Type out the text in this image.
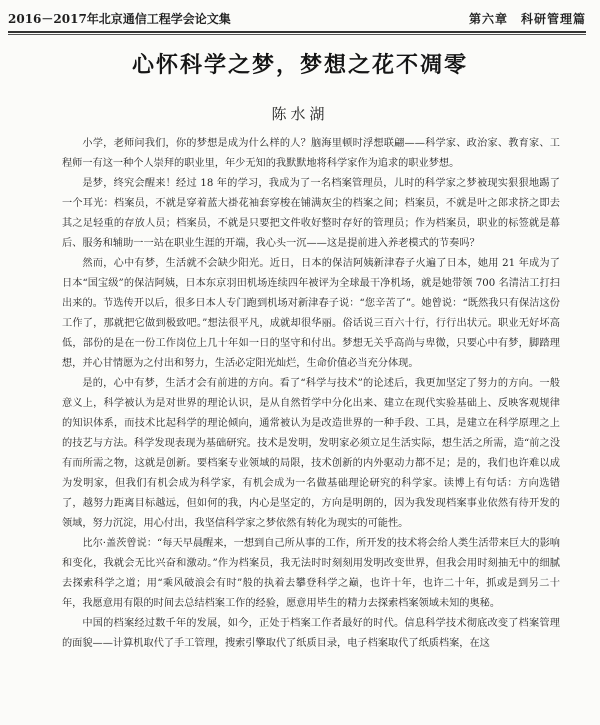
2016－2017年北京通信工程学会论文集	第六章　科研管理篇
心怀科学之梦，梦想之花不凋零
陈水湖

小学，老师问我们，你的梦想是成为什么样的人？脑海里顿时浮想联翩——科学家、政治家、教育家、工程师一有这一种个人崇拜的职业里，年少无知的我默默地将科学家作为追求的职业梦想。

是梦，终究会醒来！经过 18 年的学习，我成为了一名档案管理员，儿时的科学家之梦被现实狠狠地踢了一个耳光：档案员，不就是穿着蓝大褂花袖套穿梭在铺满灰尘的档案之间；档案员，不就是叶之郎求挤之即去其之足轻重的存放人员；档案员，不就是只要把文件收好整时存好的管理员；作为档案员，职业的标签就是幕后、服务和辅助一一站在职业生涯的开端，我心头一沉——这是提前进入养老模式的节奏吗？

然而，心中有梦，生活就不会缺少阳光。近日，日本的保洁阿姨新津春子火遍了日本，她用 21 年成为了日本“国宝级”的保洁阿姨，日本东京羽田机场连续四年被评为全球最干净机场，就是她带领 700 名清洁工打扫出来的。节选传开以后，很多日本人专门跑到机场对新津春子说：“您辛苦了”。她曾说：“既然我只有保洁这份工作了，那就把它做到极致吧。”想法很平凡，成就却很华丽。俗话说三百六十行，行行出状元。职业无好坏高低，部份的是在一份工作岗位上几十年如一日的坚守和付出。梦想无关乎高尚与卑微，只要心中有梦，脚踏理想，并心甘情愿为之付出和努力，生活必定阳光灿烂，生命价值必当充分体现。

是的，心中有梦，生活才会有前进的方向。看了“科学与技术”的论述后，我更加坚定了努力的方向。一般意义上，科学被认为是对世界的理论认识，是从自然哲学中分化出来、建立在现代实验基础上、反映客观规律的知识体系，而技术比起科学的理论倾向，通常被认为是改造世界的一种手段、工具，是建立在科学原理之上的技艺与方法。科学发现表现为基础研究。技术是发明，发明家必须立足生活实际，想生活之所需，造“前之没有而所需之物，这就是创新。要档案专业领域的局限，技术创新的内外驱动力都不足；是的，我们也许难以成为发明家，但我们有机会成为科学家，有机会成为一名做基础理论研究的科学家。读博上有句话：方向选错了，越努力距离目标越远，但如何的我，内心是坚定的，方向是明朗的，因为我发现档案事业依然有待开发的领域，努力沉淀，用心付出，我坚信科学家之梦依然有转化为现实的可能性。

比尔·盖茨曾说：“每天早晨醒来，一想到自己所从事的工作，所开发的技术将会给人类生活带来巨大的影响和变化，我就会无比兴奋和激动。”作为档案员，我无法时时刻刻用发明改变世界，但我会用时刻抽无中的细腻去探索科学之道；用“乘风破浪会有时”般的执着去攀登科学之巅，也许十年，也许二十年，抓或是到另二十年，我愿意用有限的时间去总结档案工作的经验，愿意用毕生的精力去探索档案领域未知的奥秘。

中国的档案经过数千年的发展，如今，正处于档案工作者最好的时代。信息科学技术彻底改变了档案管理的面貌——计算机取代了手工管理，搜索引擎取代了纸质目录，电子档案取代了纸质档案，在这
